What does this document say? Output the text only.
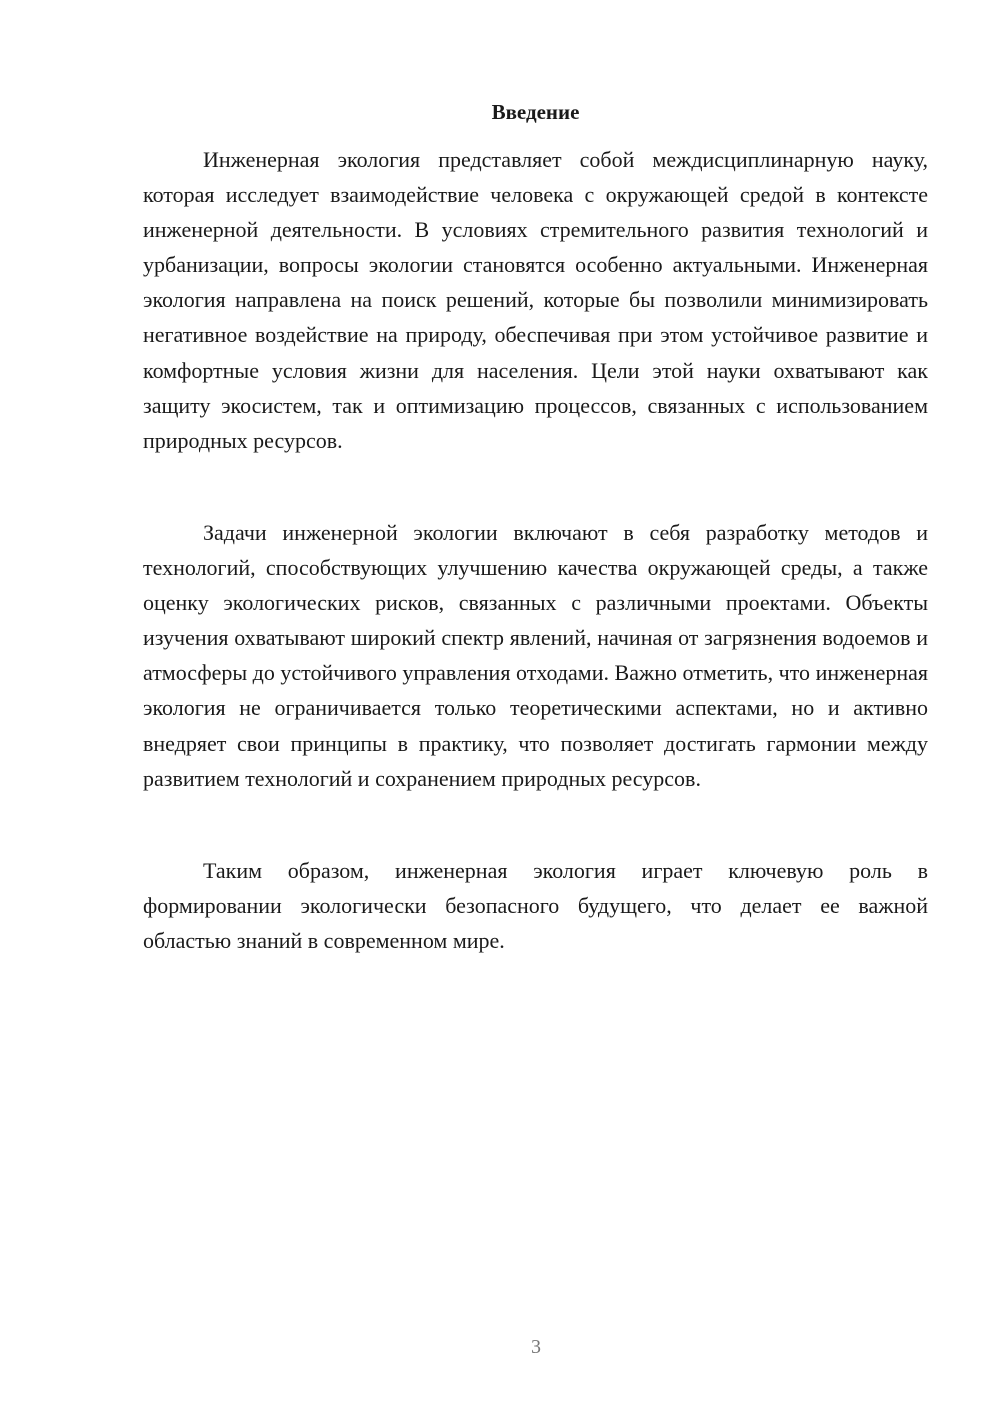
Введение

Инженерная экология представляет собой междисциплинарную науку, которая исследует взаимодействие человека с окружающей средой в контексте инженерной деятельности. В условиях стремительного развития технологий и урбанизации, вопросы экологии становятся особенно актуальными. Инженерная экология направлена на поиск решений, которые бы позволили минимизировать негативное воздействие на природу, обеспечивая при этом устойчивое развитие и комфортные условия жизни для населения. Цели этой науки охватывают как защиту экосистем, так и оптимизацию процессов, связанных с использованием природных ресурсов.

Задачи инженерной экологии включают в себя разработку методов и технологий, способствующих улучшению качества окружающей среды, а также оценку экологических рисков, связанных с различными проектами. Объекты изучения охватывают широкий спектр явлений, начиная от загрязнения водоемов и атмосферы до устойчивого управления отходами. Важно отметить, что инженерная экология не ограничивается только теоретическими аспектами, но и активно внедряет свои принципы в практику, что позволяет достигать гармонии между развитием технологий и сохранением природных ресурсов.

Таким образом, инженерная экология играет ключевую роль в формировании экологически безопасного будущего, что делает ее важной областью знаний в современном мире.

3
